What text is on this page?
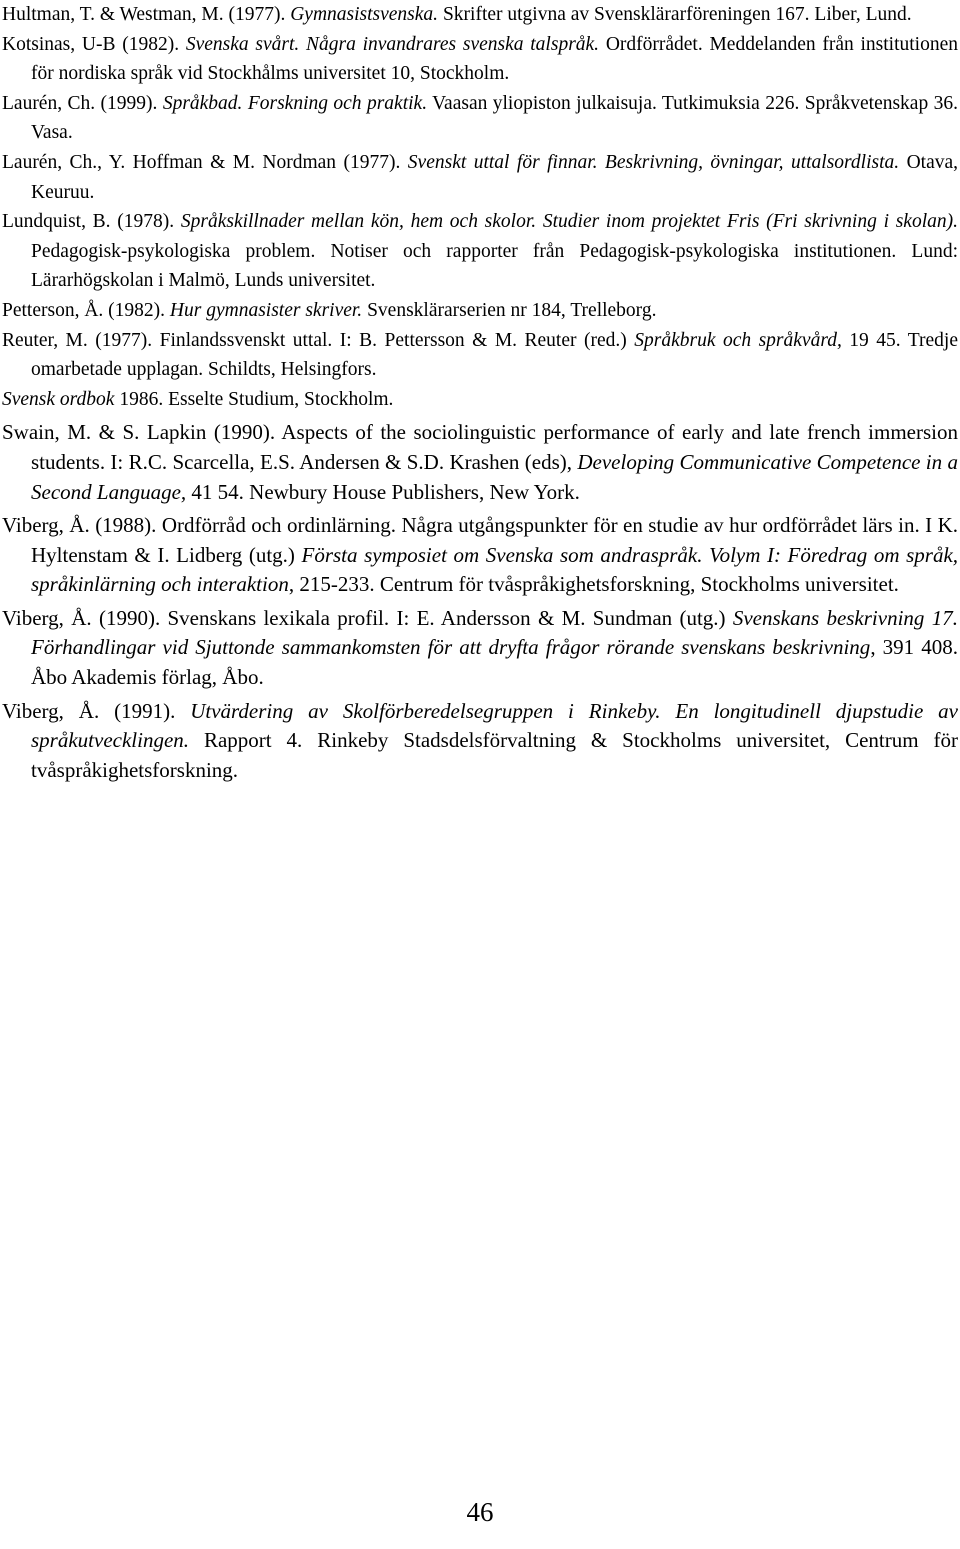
Hultman, T. & Westman, M. (1977). Gymnasistsvenska. Skrifter utgivna av Svensklärarföreningen 167. Liber, Lund.

Kotsinas, U-B (1982). Svenska svårt. Några invandrares svenska talspråk. Ordförrådet. Meddelanden från institutionen för nordiska språk vid Stockhålms universitet 10, Stockholm.

Laurén, Ch. (1999). Språkbad. Forskning och praktik. Vaasan yliopiston julkaisuja. Tutkimuksia 226. Språkvetenskap 36. Vasa.

Laurén, Ch., Y. Hoffman & M. Nordman (1977). Svenskt uttal för finnar. Beskrivning, övningar, uttalsordlista. Otava, Keuruu.

Lundquist, B. (1978). Språkskillnader mellan kön, hem och skolor. Studier inom projektet Fris (Fri skrivning i skolan). Pedagogisk-psykologiska problem. Notiser och rapporter från Pedagogisk-psykologiska institutionen. Lund: Lärarhögskolan i Malmö, Lunds universitet.

Petterson, Å. (1982). Hur gymnasister skriver. Svensklärarserien nr 184, Trelleborg.

Reuter, M. (1977). Finlandssvenskt uttal. I: B. Pettersson & M. Reuter (red.) Språkbruk och språkvård, 19 45. Tredje omarbetade upplagan. Schildts, Helsingfors.

Svensk ordbok 1986. Esselte Studium, Stockholm.

Swain, M. & S. Lapkin (1990). Aspects of the sociolinguistic performance of early and late french immersion students. I: R.C. Scarcella, E.S. Andersen & S.D. Krashen (eds), Developing Communicative Competence in a Second Language, 41 54. Newbury House Publishers, New York.

Viberg, Å. (1988). Ordförråd och ordinlärning. Några utgångspunkter för en studie av hur ordförrådet lärs in. I K. Hyltenstam & I. Lidberg (utg.) Första symposiet om Svenska som andraspråk. Volym I: Föredrag om språk, språkinlärning och interaktion, 215-233. Centrum för tvåspråkighetsforskning, Stockholms universitet.

Viberg, Å. (1990). Svenskans lexikala profil. I: E. Andersson & M. Sundman (utg.) Svenskans beskrivning 17. Förhandlingar vid Sjuttonde sammankomsten för att dryfta frågor rörande svenskans beskrivning, 391 408. Åbo Akademis förlag, Åbo.

Viberg, Å. (1991). Utvärdering av Skolförberedelsegruppen i Rinkeby. En longitudinell djupstudie av språkutvecklingen. Rapport 4. Rinkeby Stadsdelsförvaltning & Stockholms universitet, Centrum för tvåspråkighetsforskning.

46
